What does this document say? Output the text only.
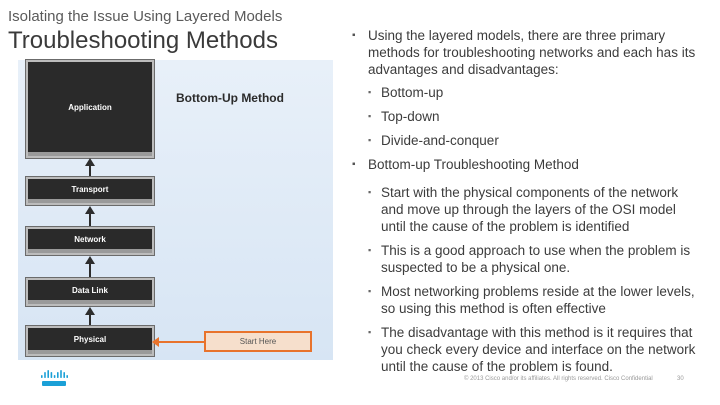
Isolating the Issue Using Layered Models
Troubleshooting Methods
Application
Transport
Network
Data Link
Physical
Bottom-Up Method
Start Here
▪ Using the layered models, there are three primary methods for troubleshooting networks and each has its advantages and disadvantages:
▪ Bottom-up
▪ Top-down
▪ Divide-and-conquer
▪ Bottom-up Troubleshooting Method
▪ Start with the physical components of the network and move up through the layers of the OSI model until the cause of the problem is identified
▪ This is a good approach to use when the problem is suspected to be a physical one.
▪ Most networking problems reside at the lower levels, so using this method is often effective
▪ The disadvantage with this method is it requires that you check every device and interface on the network until the cause of the problem is found.
© 2013 Cisco and/or its affiliates. All rights reserved. Cisco Confidential	30
